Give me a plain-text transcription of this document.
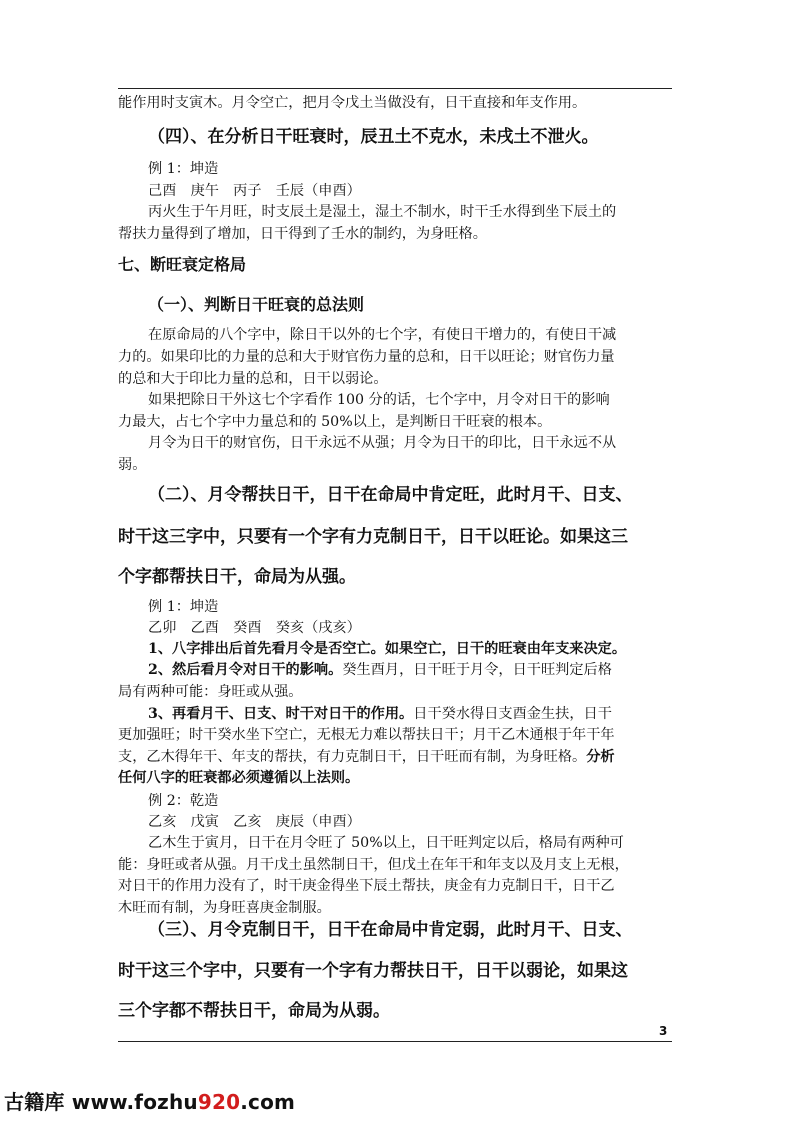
能作用时支寅木。月令空亡，把月令戊土当做没有，日干直接和年支作用。
（四）、在分析日干旺衰时，辰丑土不克水，未戌土不泄火。
例 1：坤造
己酉　庚午　丙子　壬辰（申酉）
丙火生于午月旺，时支辰土是湿土，湿土不制水，时干壬水得到坐下辰土的
帮扶力量得到了增加，日干得到了壬水的制约，为身旺格。
七、断旺衰定格局
（一）、判断日干旺衰的总法则
在原命局的八个字中，除日干以外的七个字，有使日干增力的，有使日干减
力的。如果印比的力量的总和大于财官伤力量的总和，日干以旺论；财官伤力量
的总和大于印比力量的总和，日干以弱论。
如果把除日干外这七个字看作 100 分的话，七个字中，月令对日干的影响
力最大，占七个字中力量总和的 50%以上，是判断日干旺衰的根本。
月令为日干的财官伤，日干永远不从强；月令为日干的印比，日干永远不从
弱。
（二）、月令帮扶日干，日干在命局中肯定旺，此时月干、日支、
时干这三字中，只要有一个字有力克制日干，日干以旺论。如果这三
个字都帮扶日干，命局为从强。
例 1：坤造
乙卯　乙酉　癸酉　癸亥（戌亥）
1、八字排出后首先看月令是否空亡。如果空亡，日干的旺衰由年支来决定。
2、然后看月令对日干的影响。癸生酉月，日干旺于月令，日干旺判定后格
局有两种可能：身旺或从强。
3、再看月干、日支、时干对日干的作用。日干癸水得日支酉金生扶，日干
更加强旺；时干癸水坐下空亡，无根无力难以帮扶日干；月干乙木通根于年干年
支，乙木得年干、年支的帮扶，有力克制日干，日干旺而有制，为身旺格。分析
任何八字的旺衰都必须遵循以上法则。
例 2：乾造
乙亥　戊寅　乙亥　庚辰（申酉）
乙木生于寅月，日干在月令旺了 50%以上，日干旺判定以后，格局有两种可
能：身旺或者从强。月干戊土虽然制日干，但戊土在年干和年支以及月支上无根，
对日干的作用力没有了，时干庚金得坐下辰土帮扶，庚金有力克制日干，日干乙
木旺而有制，为身旺喜庚金制服。
（三）、月令克制日干，日干在命局中肯定弱，此时月干、日支、
时干这三个字中，只要有一个字有力帮扶日干，日干以弱论，如果这
三个字都不帮扶日干，命局为从弱。
3
古籍库 www.fozhu920.com
